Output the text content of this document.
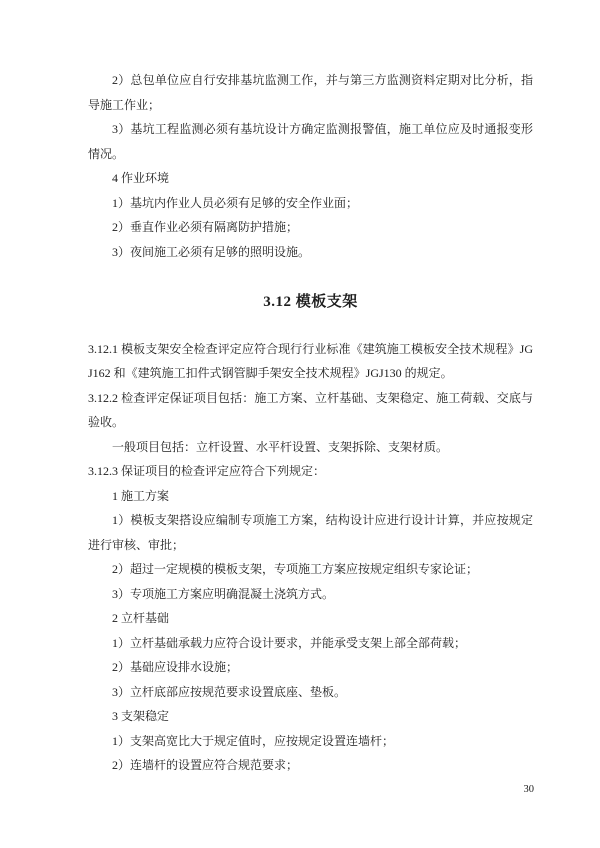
2）总包单位应自行安排基坑监测工作，并与第三方监测资料定期对比分析，指导施工作业；

3）基坑工程监测必须有基坑设计方确定监测报警值，施工单位应及时通报变形情况。

4 作业环境

1）基坑内作业人员必须有足够的安全作业面；

2）垂直作业必须有隔离防护措施；

3）夜间施工必须有足够的照明设施。

3.12 模板支架

3.12.1 模板支架安全检查评定应符合现行行业标准《建筑施工模板安全技术规程》JGJ162 和《建筑施工扣件式钢管脚手架安全技术规程》JGJ130 的规定。

3.12.2 检查评定保证项目包括：施工方案、立杆基础、支架稳定、施工荷载、交底与验收。

一般项目包括：立杆设置、水平杆设置、支架拆除、支架材质。

3.12.3 保证项目的检查评定应符合下列规定：

1 施工方案

1）模板支架搭设应编制专项施工方案，结构设计应进行设计计算，并应按规定进行审核、审批；

2）超过一定规模的模板支架，专项施工方案应按规定组织专家论证；

3）专项施工方案应明确混凝土浇筑方式。

2 立杆基础

1）立杆基础承载力应符合设计要求，并能承受支架上部全部荷载；

2）基础应设排水设施；

3）立杆底部应按规范要求设置底座、垫板。

3 支架稳定

1）支架高宽比大于规定值时，应按规定设置连墙杆；

2）连墙杆的设置应符合规范要求；

30
